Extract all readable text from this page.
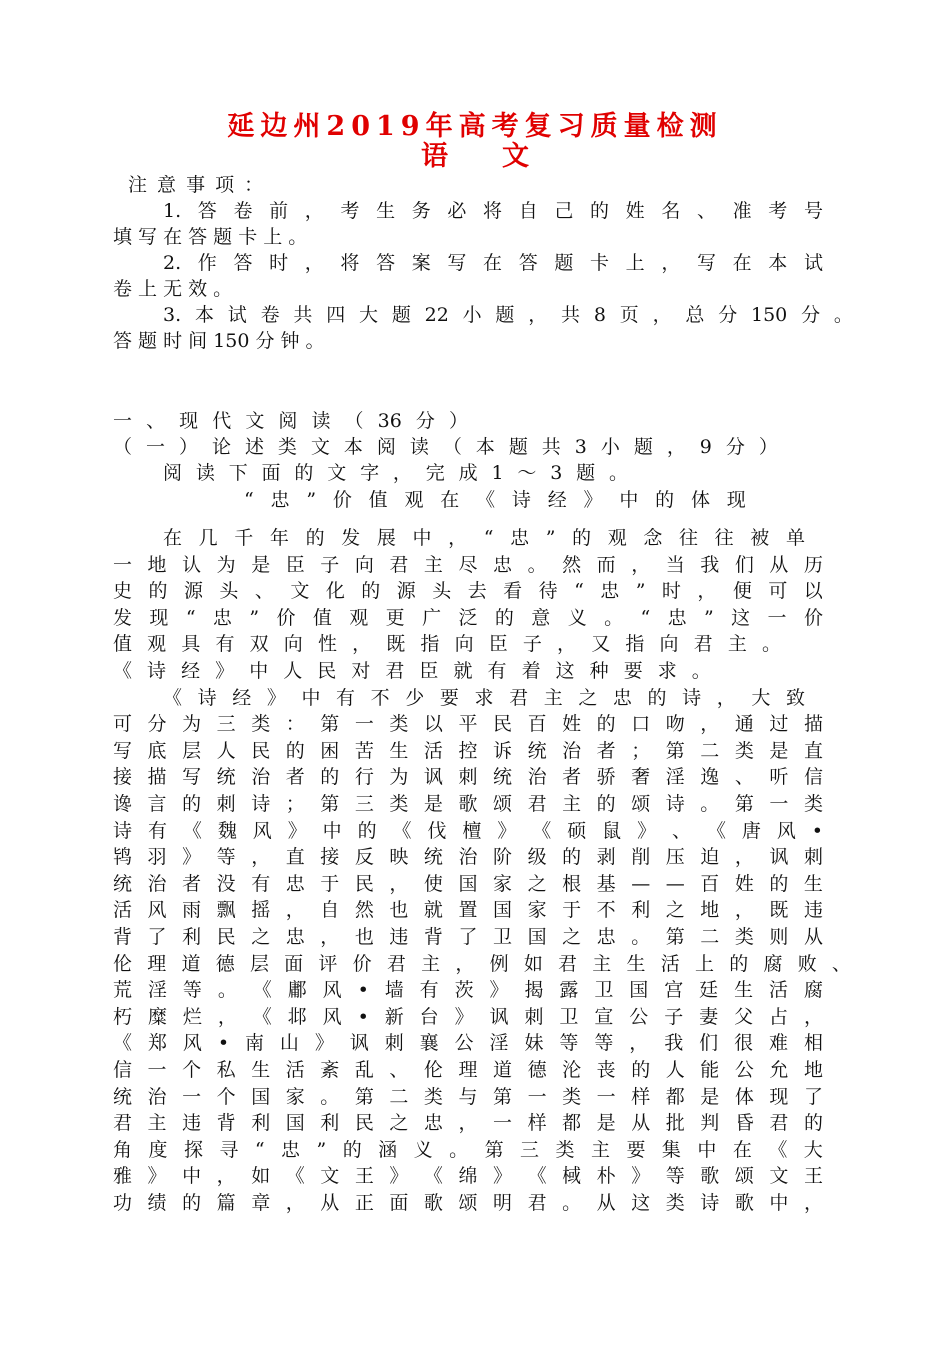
延边州2019年高考复习质量检测
语　　文
注 意 事 项 ：
1. 答 卷 前 ， 考 生 务 必 将 自 己 的 姓 名 、 准 考 号
填 写 在 答 题 卡 上 。
2. 作 答 时 ， 将 答 案 写 在 答 题 卡 上 ， 写 在 本 试
卷 上 无 效 。
3. 本 试 卷 共 四 大 题 22 小 题 ， 共 8 页 ， 总 分 150 分 。
答 题 时 间 150 分 钟 。
一 、 现 代 文 阅 读 （ 36 分 ）
（ 一 ） 论 述 类 文 本 阅 读 （ 本 题 共 3 小 题 ， 9 分 ）
阅 读 下 面 的 文 字 ， 完 成 1 ～ 3 题 。
“ 忠 ” 价 值 观 在 《 诗 经 》 中 的 体 现
在 几 千 年 的 发 展 中 ， “ 忠 ” 的 观 念 往 往 被 单
一 地 认 为 是 臣 子 向 君 主 尽 忠 。 然 而 ， 当 我 们 从 历
史 的 源 头 、 文 化 的 源 头 去 看 待 “ 忠 ” 时 ， 便 可 以
发 现 “ 忠 ” 价 值 观 更 广 泛 的 意 义 。 “ 忠 ” 这 一 价
值 观 具 有 双 向 性 ， 既 指 向 臣 子 ， 又 指 向 君 主 。
《 诗 经 》 中 人 民 对 君 臣 就 有 着 这 种 要 求 。
《 诗 经 》 中 有 不 少 要 求 君 主 之 忠 的 诗 ， 大 致
可 分 为 三 类 ： 第 一 类 以 平 民 百 姓 的 口 吻 ， 通 过 描
写 底 层 人 民 的 困 苦 生 活 控 诉 统 治 者 ； 第 二 类 是 直
接 描 写 统 治 者 的 行 为 讽 刺 统 治 者 骄 奢 淫 逸 、 听 信
谗 言 的 刺 诗 ； 第 三 类 是 歌 颂 君 主 的 颂 诗 。 第 一 类
诗 有 《 魏 风 》 中 的 《 伐 檀 》 《 硕 鼠 》 、 《 唐 风 •
鸨 羽 》 等 ， 直 接 反 映 统 治 阶 级 的 剥 削 压 迫 ， 讽 刺
统 治 者 没 有 忠 于 民 ， 使 国 家 之 根 基 — — 百 姓 的 生
活 风 雨 飘 摇 ， 自 然 也 就 置 国 家 于 不 利 之 地 ， 既 违
背 了 利 民 之 忠 ， 也 违 背 了 卫 国 之 忠 。 第 二 类 则 从
伦 理 道 德 层 面 评 价 君 主 ， 例 如 君 主 生 活 上 的 腐 败 、
荒 淫 等 。 《 鄘 风 • 墙 有 茨 》 揭 露 卫 国 宫 廷 生 活 腐
朽 糜 烂 ， 《 邶 风 • 新 台 》 讽 刺 卫 宣 公 子 妻 父 占 ，
《 郑 风 • 南 山 》 讽 刺 襄 公 淫 妹 等 等 ， 我 们 很 难 相
信 一 个 私 生 活 紊 乱 、 伦 理 道 德 沦 丧 的 人 能 公 允 地
统 治 一 个 国 家 。 第 二 类 与 第 一 类 一 样 都 是 体 现 了
君 主 违 背 利 国 利 民 之 忠 ， 一 样 都 是 从 批 判 昏 君 的
角 度 探 寻 “ 忠 ” 的 涵 义 。 第 三 类 主 要 集 中 在 《 大
雅 》 中 ， 如 《 文 王 》 《 绵 》 《 棫 朴 》 等 歌 颂 文 王
功 绩 的 篇 章 ， 从 正 面 歌 颂 明 君 。 从 这 类 诗 歌 中 ，
